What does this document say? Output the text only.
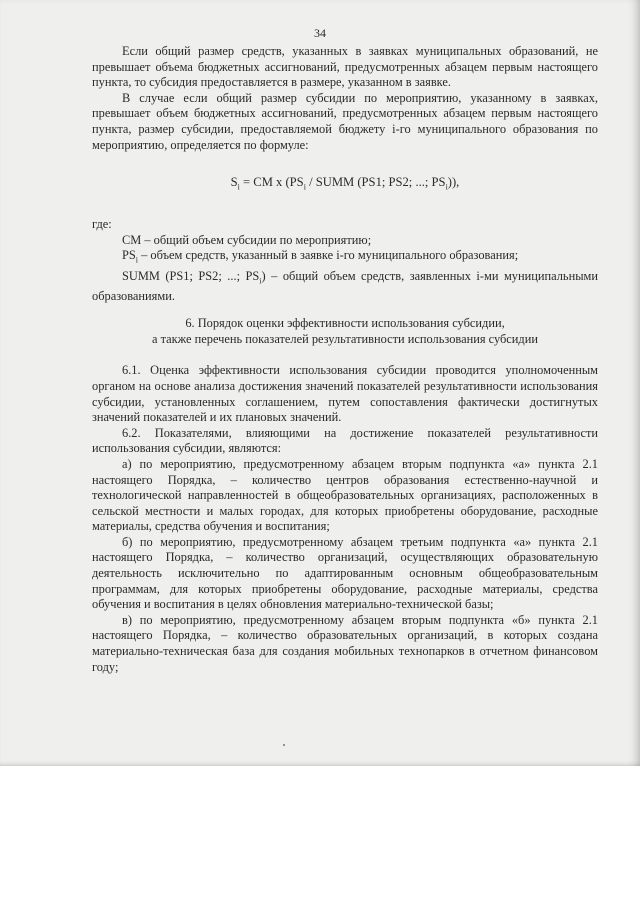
34

Если общий размер средств, указанных в заявках муниципальных образований, не превышает объема бюджетных ассигнований, предусмотренных абзацем первым настоящего пункта, то субсидия предоставляется в размере, указанном в заявке.

В случае если общий размер субсидии по мероприятию, указанному в заявках, превышает объем бюджетных ассигнований, предусмотренных абзацем первым настоящего пункта, размер субсидии, предоставляемой бюджету i-го муниципального образования по мероприятию, определяется по формуле:

$S_i$ = CM x ($PS_i$ / SUMM (PS1; PS2; ...; $PS_i$)),

где:

CM – общий объем субсидии по мероприятию;

$PS_i$ – объем средств, указанный в заявке i-го муниципального образования;

SUMM (PS1; PS2; ...; $PS_i$) – общий объем средств, заявленных i-ми муниципальными образованиями.

6. Порядок оценки эффективности использования субсидии,
а также перечень показателей результативности использования субсидии

6.1. Оценка эффективности использования субсидии проводится уполномоченным органом на основе анализа достижения значений показателей результативности использования субсидии, установленных соглашением, путем сопоставления фактически достигнутых значений показателей и их плановых значений.

6.2. Показателями, влияющими на достижение показателей результативности использования субсидии, являются:

а) по мероприятию, предусмотренному абзацем вторым подпункта «а» пункта 2.1 настоящего Порядка, – количество центров образования естественно-научной и технологической направленностей в общеобразовательных организациях, расположенных в сельской местности и малых городах, для которых приобретены оборудование, расходные материалы, средства обучения и воспитания;

б) по мероприятию, предусмотренному абзацем третьим подпункта «а» пункта 2.1 настоящего Порядка, – количество организаций, осуществляющих образовательную деятельность исключительно по адаптированным основным общеобразовательным программам, для которых приобретены оборудование, расходные материалы, средства обучения и воспитания в целях обновления материально-технической базы;

в) по мероприятию, предусмотренному абзацем вторым подпункта «б» пункта 2.1 настоящего Порядка, – количество образовательных организаций, в которых создана материально-техническая база для создания мобильных технопарков в отчетном финансовом году;
